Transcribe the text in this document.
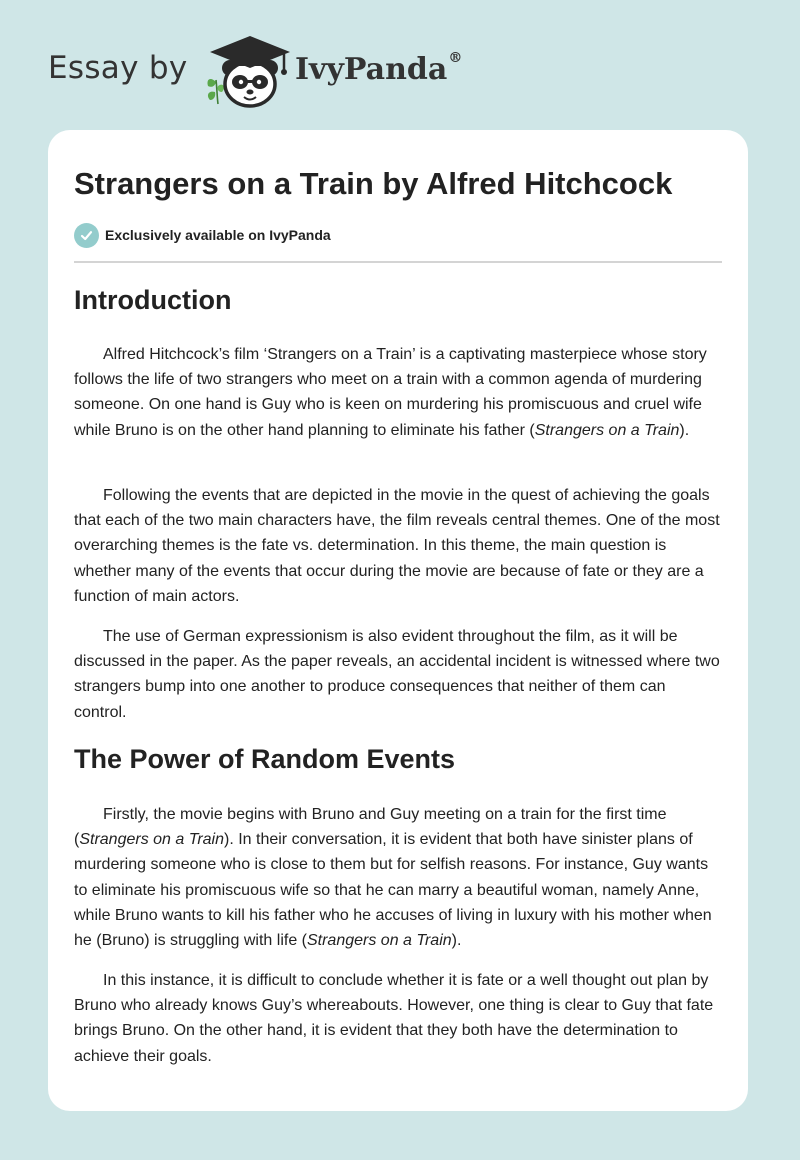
Essay by	IvyPanda®
Strangers on a Train by Alfred Hitchcock
Exclusively available on IvyPanda
Introduction

Alfred Hitchcock’s film ‘Strangers on a Train’ is a captivating masterpiece whose story follows the life of two strangers who meet on a train with a common agenda of murdering someone. On one hand is Guy who is keen on murdering his promiscuous and cruel wife while Bruno is on the other hand planning to eliminate his father (Strangers on a Train).

Following the events that are depicted in the movie in the quest of achieving the goals that each of the two main characters have, the film reveals central themes. One of the most overarching themes is the fate vs. determination. In this theme, the main question is whether many of the events that occur during the movie are because of fate or they are a function of main actors.

The use of German expressionism is also evident throughout the film, as it will be discussed in the paper. As the paper reveals, an accidental incident is witnessed where two strangers bump into one another to produce consequences that neither of them can control.

The Power of Random Events

Firstly, the movie begins with Bruno and Guy meeting on a train for the first time (Strangers on a Train). In their conversation, it is evident that both have sinister plans of murdering someone who is close to them but for selfish reasons. For instance, Guy wants to eliminate his promiscuous wife so that he can marry a beautiful woman, namely Anne, while Bruno wants to kill his father who he accuses of living in luxury with his mother when he (Bruno) is struggling with life (Strangers on a Train).

In this instance, it is difficult to conclude whether it is fate or a well thought out plan by Bruno who already knows Guy’s whereabouts. However, one thing is clear to Guy that fate brings Bruno. On the other hand, it is evident that they both have the determination to achieve their goals.
